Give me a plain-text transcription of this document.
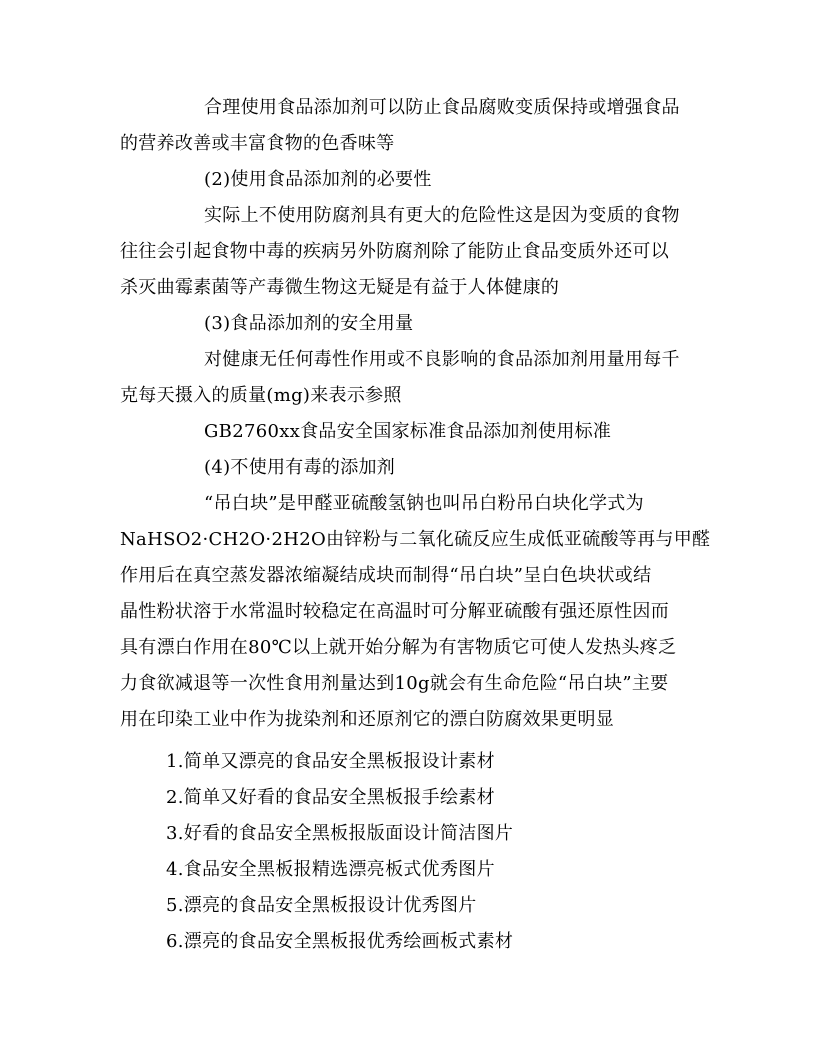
合理使用食品添加剂可以防止食品腐败变质保持或增强食品
的营养改善或丰富食物的色香味等
(2)使用食品添加剂的必要性
实际上不使用防腐剂具有更大的危险性这是因为变质的食物
往往会引起食物中毒的疾病另外防腐剂除了能防止食品变质外还可以
杀灭曲霉素菌等产毒微生物这无疑是有益于人体健康的
(3)食品添加剂的安全用量
对健康无任何毒性作用或不良影响的食品添加剂用量用每千
克每天摄入的质量(mg)来表示参照
GB2760xx食品安全国家标准食品添加剂使用标准
(4)不使用有毒的添加剂
“吊白块”是甲醛亚硫酸氢钠也叫吊白粉吊白块化学式为
NaHSO2·CH2O·2H2O由锌粉与二氧化硫反应生成低亚硫酸等再与甲醛
作用后在真空蒸发器浓缩凝结成块而制得“吊白块”呈白色块状或结
晶性粉状溶于水常温时较稳定在高温时可分解亚硫酸有强还原性因而
具有漂白作用在80℃以上就开始分解为有害物质它可使人发热头疼乏
力食欲减退等一次性食用剂量达到10g就会有生命危险“吊白块”主要
用在印染工业中作为拢染剂和还原剂它的漂白防腐效果更明显
1.简单又漂亮的食品安全黑板报设计素材
2.简单又好看的食品安全黑板报手绘素材
3.好看的食品安全黑板报版面设计简洁图片
4.食品安全黑板报精选漂亮板式优秀图片
5.漂亮的食品安全黑板报设计优秀图片
6.漂亮的食品安全黑板报优秀绘画板式素材
